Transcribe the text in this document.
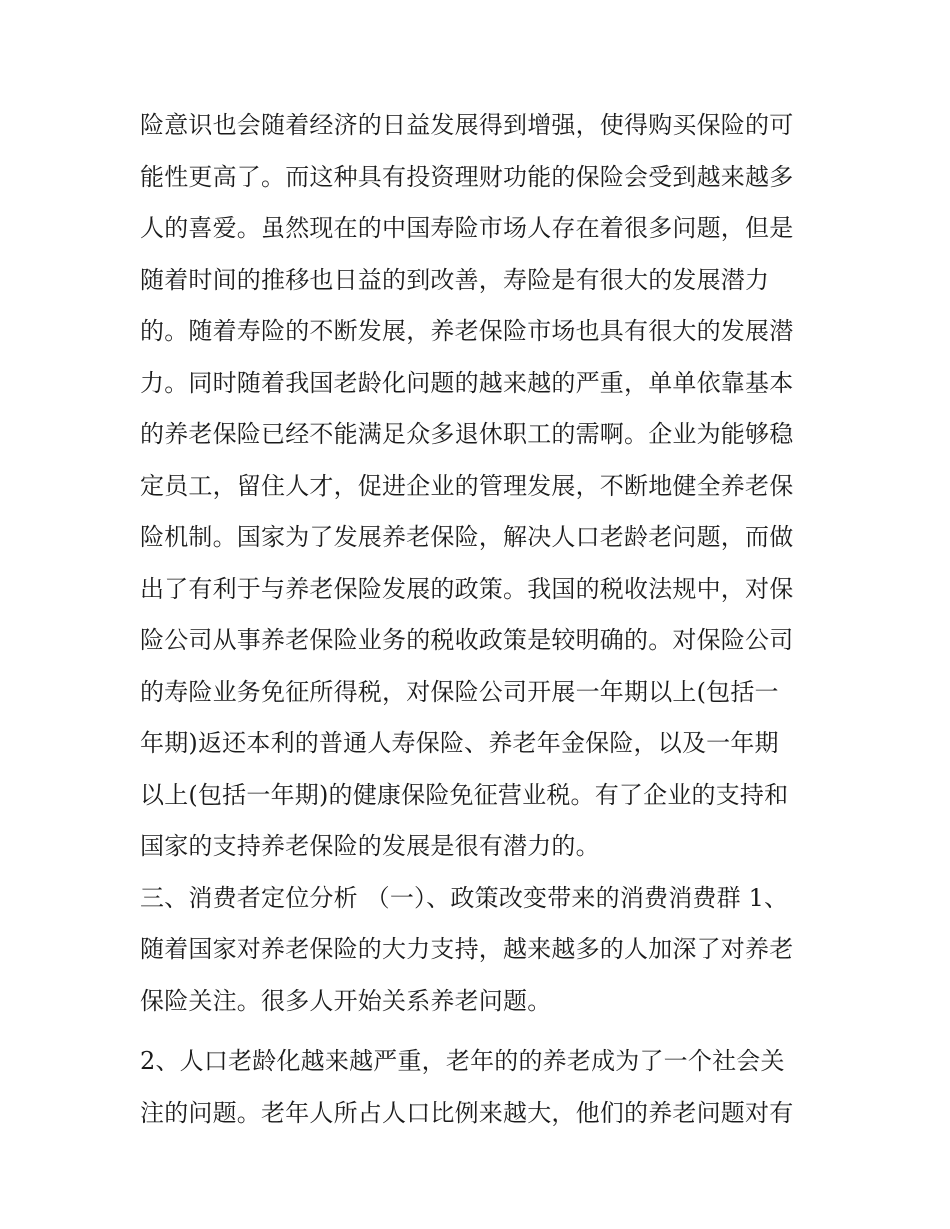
险意识也会随着经济的日益发展得到增强，使得购买保险的可
能性更高了。而这种具有投资理财功能的保险会受到越来越多
人的喜爱。虽然现在的中国寿险市场人存在着很多问题，但是
随着时间的推移也日益的到改善，寿险是有很大的发展潜力
的。随着寿险的不断发展，养老保险市场也具有很大的发展潜
力。同时随着我国老龄化问题的越来越的严重，单单依靠基本
的养老保险已经不能满足众多退休职工的需啊。企业为能够稳
定员工，留住人才，促进企业的管理发展，不断地健全养老保
险机制。国家为了发展养老保险，解决人口老龄老问题，而做
出了有利于与养老保险发展的政策。我国的税收法规中，对保
险公司从事养老保险业务的税收政策是较明确的。对保险公司
的寿险业务免征所得税，对保险公司开展一年期以上(包括一
年期)返还本利的普通人寿保险、养老年金保险，以及一年期
以上(包括一年期)的健康保险免征营业税。有了企业的支持和
国家的支持养老保险的发展是很有潜力的。
三、消费者定位分析 （一）、政策改变带来的消费消费群 1、
随着国家对养老保险的大力支持，越来越多的人加深了对养老
保险关注。很多人开始关系养老问题。
2、人口老龄化越来越严重，老年的的养老成为了一个社会关
注的问题。老年人所占人口比例来越大，他们的养老问题对有
